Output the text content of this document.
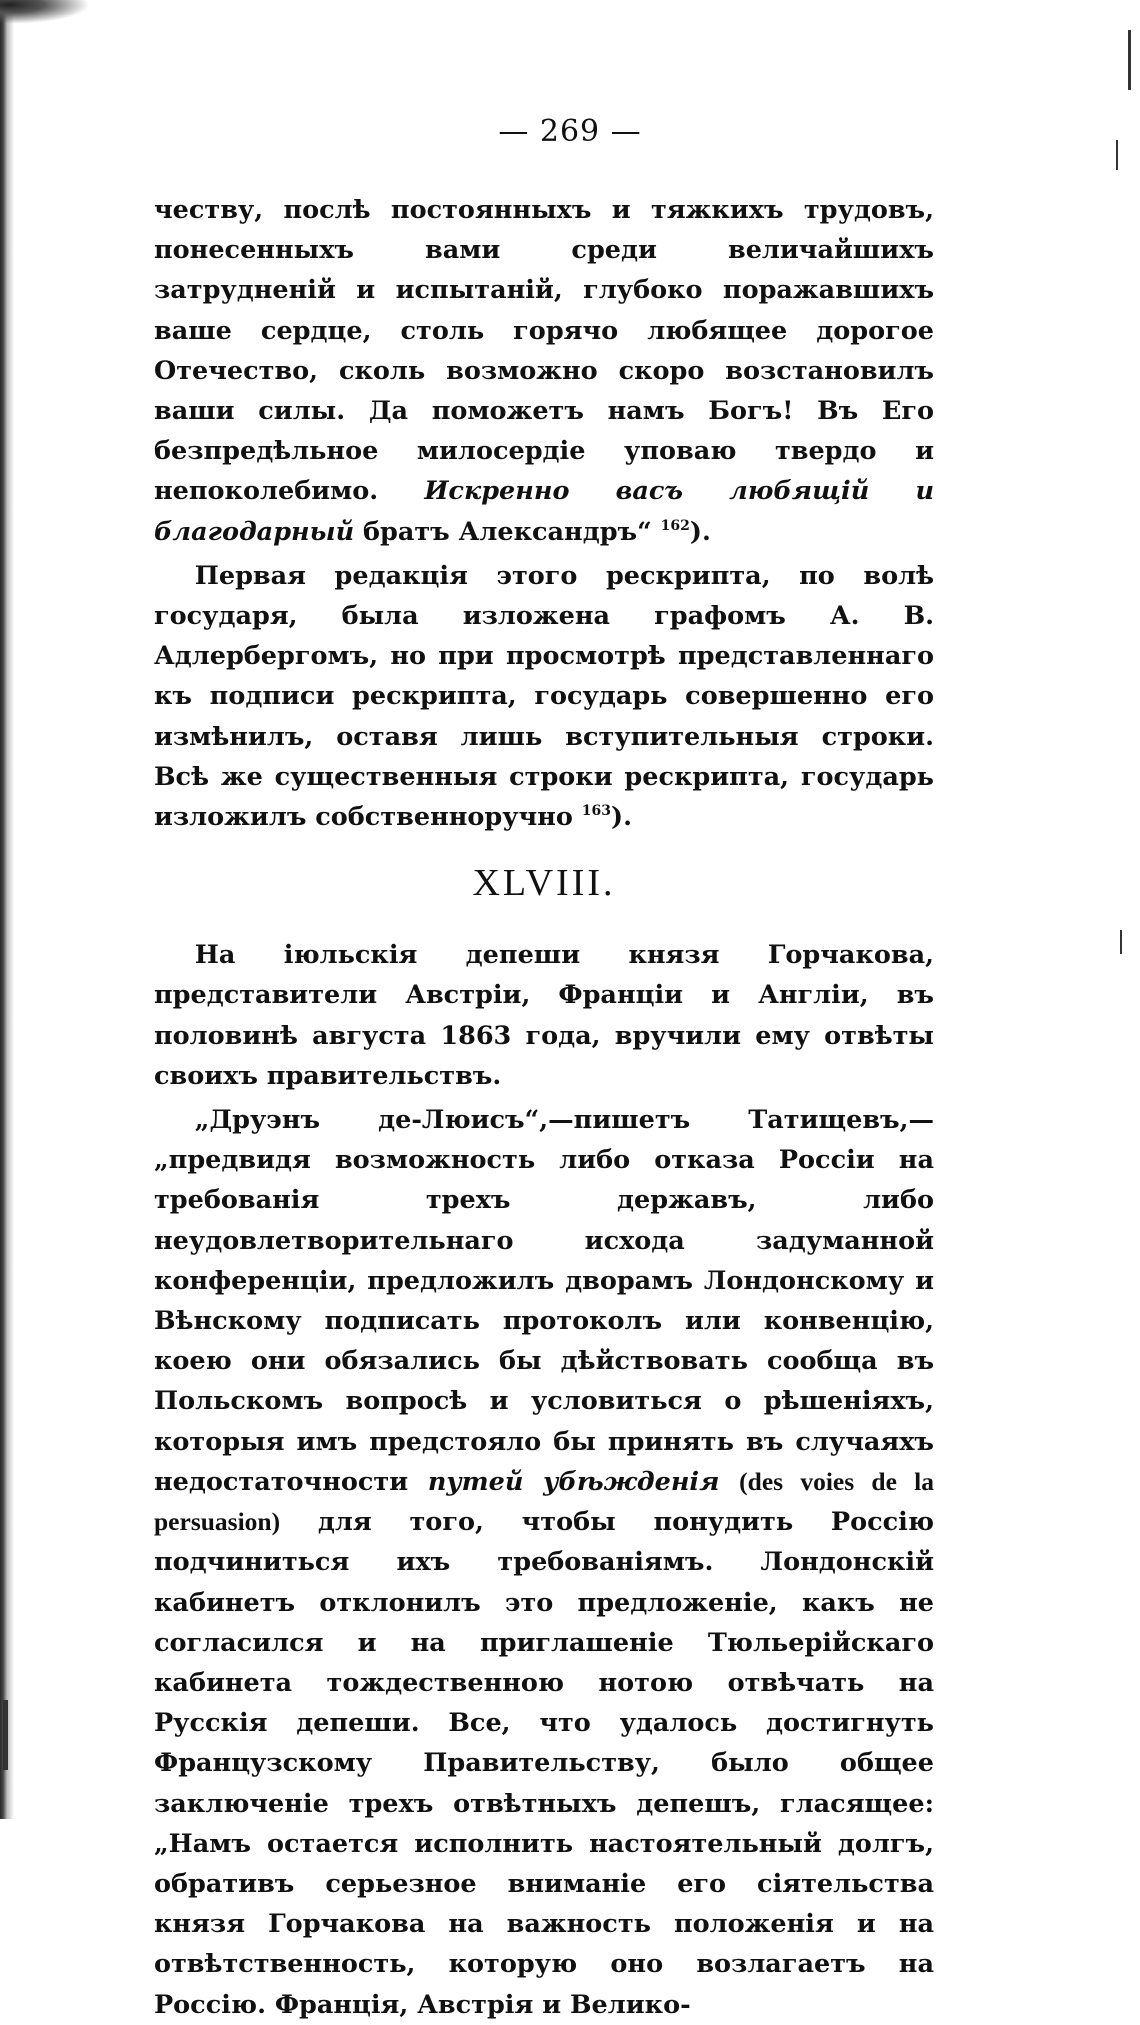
— 269 —

честву, послѣ постоянныхъ и тяжкихъ трудовъ, понесенныхъ вами среди величайшихъ затрудненій и испытаній, глубоко поражавшихъ ваше сердце, столь горячо любящее дорогое Отечество, сколь возможно скоро возстановилъ ваши силы. Да поможетъ намъ Богъ! Въ Его безпредѣльное милосердіе уповаю твердо и непоколебимо. Искренно васъ любящій и благодарный братъ Александръ“ $^{162}$).

Первая редакція этого рескрипта, по волѣ государя, была изложена графомъ А. В. Адлербергомъ, но при просмотрѣ представленнаго къ подписи рескрипта, государь совершенно его измѣнилъ, оставя лишь вступительныя строки. Всѣ же существенныя строки рескрипта, государь изложилъ собственноручно $^{163}$).

XLVIII.

На іюльскія депеши князя Горчакова, представители Австріи, Франціи и Англіи, въ половинѣ августа 1863 года, вручили ему отвѣты своихъ правительствъ.

„Друэнъ де-Люисъ“,—пишетъ Татищевъ,—„предвидя возможность либо отказа Россіи на требованія трехъ державъ, либо неудовлетворительнаго исхода задуманной конференціи, предложилъ дворамъ Лондонскому и Вѣнскому подписать протоколъ или конвенцію, коею они обязались бы дѣйствовать сообща въ Польскомъ вопросѣ и условиться о рѣшеніяхъ, которыя имъ предстояло бы принять въ случаяхъ недостаточности путей убѣжденія (des voies de la persuasion) для того, чтобы понудить Россію подчиниться ихъ требованіямъ. Лондонскій кабинетъ отклонилъ это предложеніе, какъ не согласился и на приглашеніе Тюльерійскаго кабинета тождественною нотою отвѣчать на Русскія депеши. Все, что удалось достигнуть Французскому Правительству, было общее заключеніе трехъ отвѣтныхъ депешъ, гласящее: „Намъ остается исполнить настоятельный долгъ, обративъ серьезное вниманіе его сіятельства князя Горчакова на важность положенія и на отвѣтственность, которую оно возлагаетъ на Россію. Франція, Австрія и Велико-
